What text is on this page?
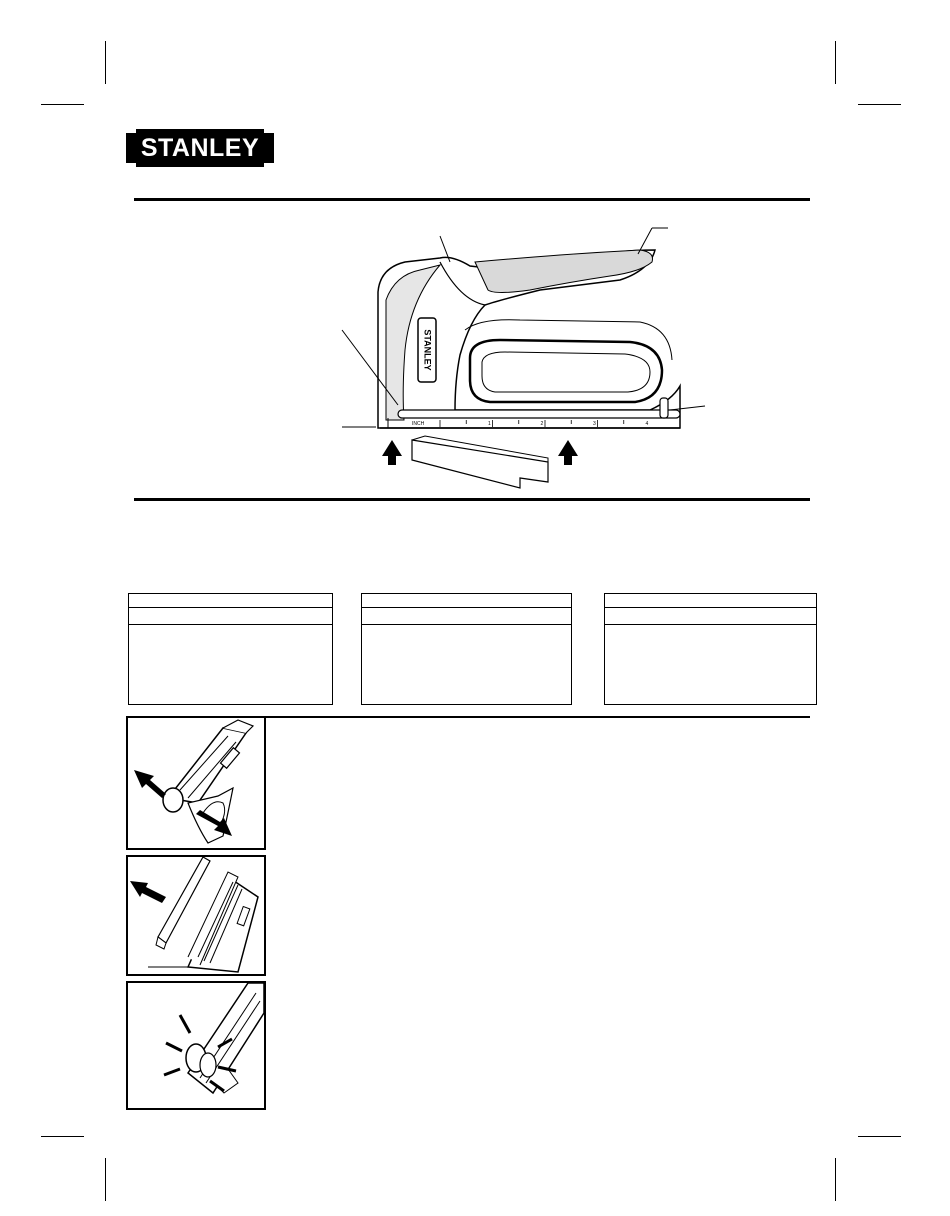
STANLEY ®
STANLEY
INCH	1	2	3	4
